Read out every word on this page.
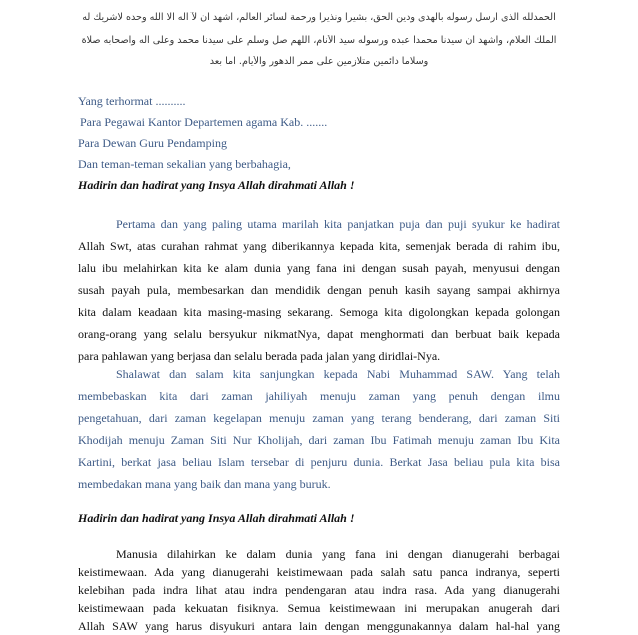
الحمدلله الذى ارسل رسوله بالهدى ودين الحق، بشيرا ونذيرا ورحمة لسائر العالم، اشهد ان لآ اله الا الله وحده لاشريك له
الملك العلام، واشهد ان سيدنا محمدا عبده ورسوله سيد الأنام، اللهم صل وسلم على سيدنا محمد وعلى آله واصحابه صلاة
وسلاما دآئمين متلازمين على ممر الدهور والأيام. اما بعد
Yang terhormat ..........
Para Pegawai Kantor Departemen agama Kab. .......
Para Dewan Guru Pendamping
Dan teman-teman sekalian yang berbahagia,
Hadirin dan hadirat yang Insya Allah dirahmati Allah !
Pertama dan yang paling utama marilah kita panjatkan puja dan puji syukur ke hadirat
Allah Swt, atas curahan rahmat yang diberikannya kepada kita, semenjak berada di rahim ibu,
lalu ibu melahirkan kita ke alam dunia yang fana ini dengan susah payah, menyusui dengan
susah payah pula, membesarkan dan mendidik dengan penuh kasih sayang sampai akhirnya
kita dalam keadaan kita masing-masing sekarang. Semoga kita digolongkan kepada golongan
orang-orang yang selalu bersyukur nikmatNya, dapat menghormati dan berbuat baik kepada
para pahlawan yang berjasa dan selalu berada pada jalan yang diridlai-Nya.
Shalawat dan salam kita sanjungkan kepada Nabi Muhammad SAW. Yang telah
membebaskan kita dari zaman jahiliyah menuju zaman yang penuh dengan ilmu
pengetahuan, dari zaman kegelapan menuju zaman yang terang benderang, dari zaman Siti
Khodijah menuju Zaman Siti Nur Kholijah, dari zaman Ibu Fatimah menuju zaman Ibu Kita
Kartini, berkat jasa beliau Islam tersebar di penjuru dunia. Berkat Jasa beliau pula kita bisa
membedakan mana yang baik dan mana yang buruk.
Hadirin dan hadirat yang Insya Allah dirahmati Allah !
Manusia dilahirkan ke dalam dunia yang fana ini dengan dianugerahi berbagai
keistimewaan. Ada yang dianugerahi keistimewaan pada salah satu panca indranya, seperti
kelebihan pada indra lihat atau indra pendengaran atau indra rasa. Ada yang dianugerahi
keistimewaan pada kekuatan fisiknya. Semua keistimewaan ini merupakan anugerah dari
Allah SAW yang harus disyukuri antara lain dengan menggunakannya dalam hal-hal yang
